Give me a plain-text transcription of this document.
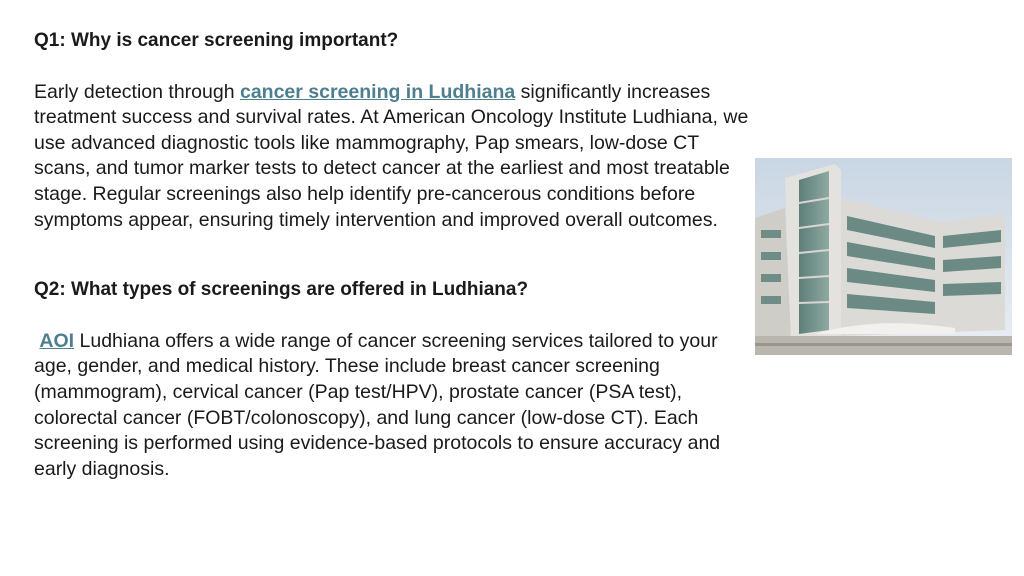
Q1: Why is cancer screening important?

Early detection through cancer screening in Ludhiana significantly increases treatment success and survival rates. At American Oncology Institute Ludhiana, we use advanced diagnostic tools like mammography, Pap smears, low-dose CT scans, and tumor marker tests to detect cancer at the earliest and most treatable stage. Regular screenings also help identify pre-cancerous conditions before symptoms appear, ensuring timely intervention and improved overall outcomes.

Q2: What types of screenings are offered in Ludhiana?

AOI Ludhiana offers a wide range of cancer screening services tailored to your age, gender, and medical history. These include breast cancer screening (mammogram), cervical cancer (Pap test/HPV), prostate cancer (PSA test), colorectal cancer (FOBT/colonoscopy), and lung cancer (low-dose CT). Each screening is performed using evidence-based protocols to ensure accuracy and early diagnosis.
